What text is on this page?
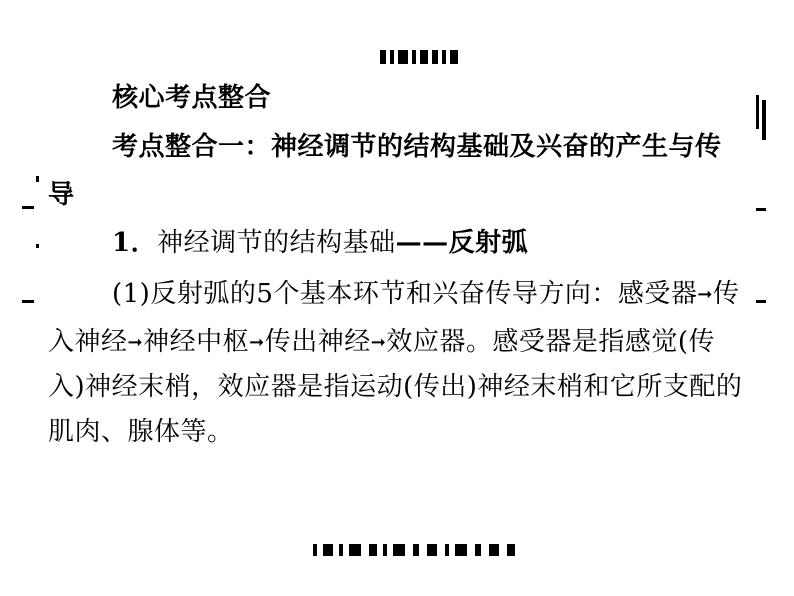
核心考点整合
考点整合一：神经调节的结构基础及兴奋的产生与传
导
1．神经调节的结构基础——反射弧
(1)反射弧的5个基本环节和兴奋传导方向：感受器➞传
入神经➞神经中枢➞传出神经➞效应器。感受器是指感觉(传
入)神经末梢，效应器是指运动(传出)神经末梢和它所支配的
肌肉、腺体等。
